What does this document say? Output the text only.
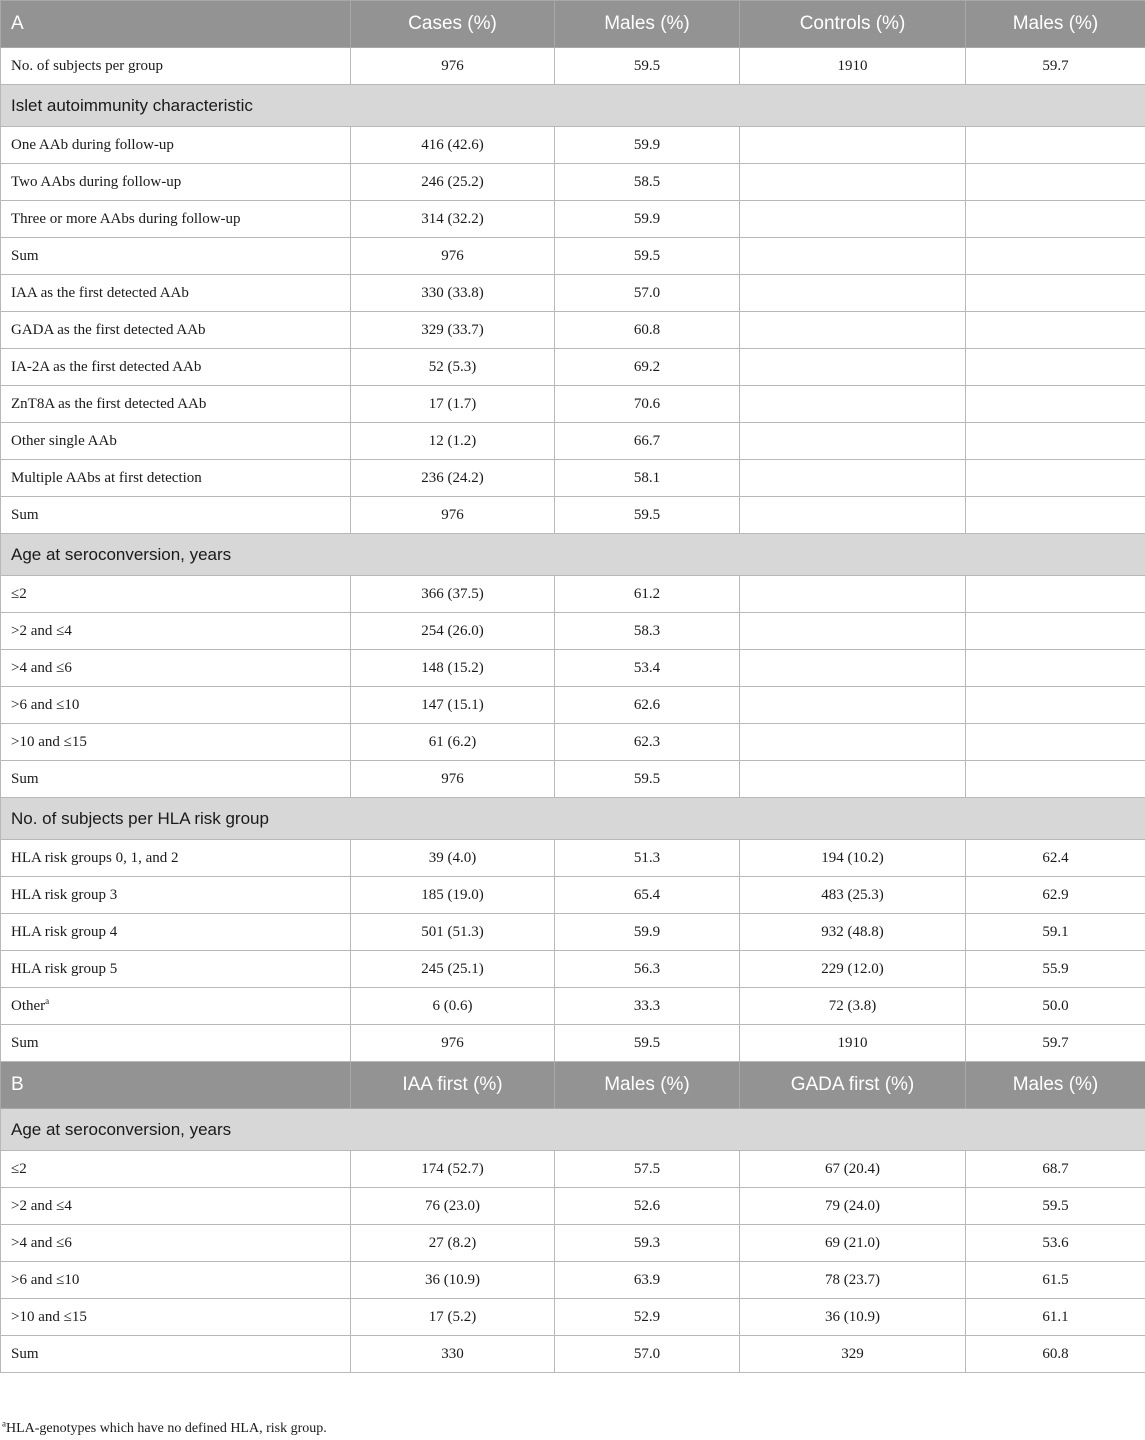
A	Cases (%)	Males (%)	Controls (%)	Males (%)
No. of subjects per group	976	59.5	1910	59.7
Islet autoimmunity characteristic				
One AAb during follow-up	416 (42.6)	59.9		
Two AAbs during follow-up	246 (25.2)	58.5		
Three or more AAbs during follow-up	314 (32.2)	59.9		
Sum	976	59.5		
IAA as the first detected AAb	330 (33.8)	57.0		
GADA as the first detected AAb	329 (33.7)	60.8		
IA-2A as the first detected AAb	52 (5.3)	69.2		
ZnT8A as the first detected AAb	17 (1.7)	70.6		
Other single AAb	12 (1.2)	66.7		
Multiple AAbs at first detection	236 (24.2)	58.1		
Sum	976	59.5		
Age at seroconversion, years				
≤2	366 (37.5)	61.2		
>2 and ≤4	254 (26.0)	58.3		
>4 and ≤6	148 (15.2)	53.4		
>6 and ≤10	147 (15.1)	62.6		
>10 and ≤15	61 (6.2)	62.3		
Sum	976	59.5		
No. of subjects per HLA risk group				
HLA risk groups 0, 1, and 2	39 (4.0)	51.3	194 (10.2)	62.4
HLA risk group 3	185 (19.0)	65.4	483 (25.3)	62.9
HLA risk group 4	501 (51.3)	59.9	932 (48.8)	59.1
HLA risk group 5	245 (25.1)	56.3	229 (12.0)	55.9
Other$^a$	6 (0.6)	33.3	72 (3.8)	50.0
Sum	976	59.5	1910	59.7
B	IAA first (%)	Males (%)	GADA first (%)	Males (%)
Age at seroconversion, years				
≤2	174 (52.7)	57.5	67 (20.4)	68.7
>2 and ≤4	76 (23.0)	52.6	79 (24.0)	59.5
>4 and ≤6	27 (8.2)	59.3	69 (21.0)	53.6
>6 and ≤10	36 (10.9)	63.9	78 (23.7)	61.5
>10 and ≤15	17 (5.2)	52.9	36 (10.9)	61.1
Sum	330	57.0	329	60.8
$^a$HLA-genotypes which have no defined HLA, risk group.
